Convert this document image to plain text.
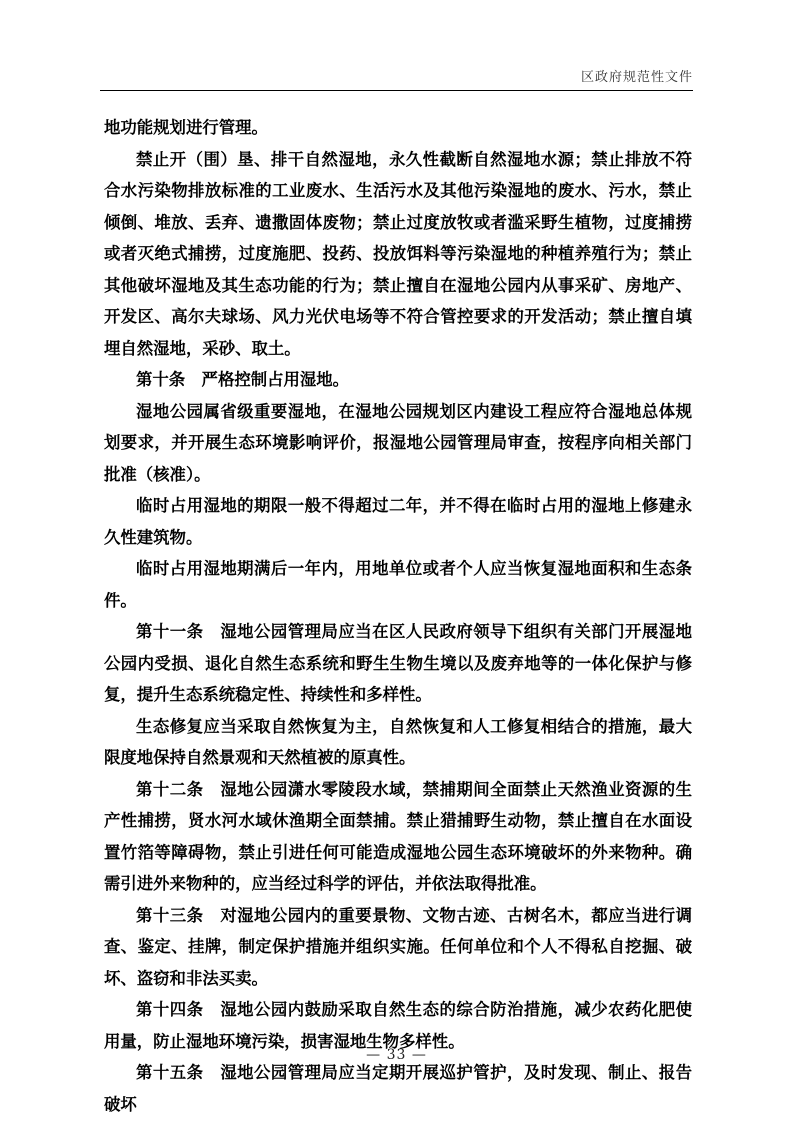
区政府规范性文件

地功能规划进行管理。

禁止开（围）垦、排干自然湿地，永久性截断自然湿地水源；禁止排放不符合水污染物排放标准的工业废水、生活污水及其他污染湿地的废水、污水，禁止倾倒、堆放、丢弃、遗撒固体废物；禁止过度放牧或者滥采野生植物，过度捕捞或者灭绝式捕捞，过度施肥、投药、投放饵料等污染湿地的种植养殖行为；禁止其他破坏湿地及其生态功能的行为；禁止擅自在湿地公园内从事采矿、房地产、开发区、高尔夫球场、风力光伏电场等不符合管控要求的开发活动；禁止擅自填埋自然湿地，采砂、取土。

第十条　严格控制占用湿地。

湿地公园属省级重要湿地，在湿地公园规划区内建设工程应符合湿地总体规划要求，并开展生态环境影响评价，报湿地公园管理局审查，按程序向相关部门批准（核准）。

临时占用湿地的期限一般不得超过二年，并不得在临时占用的湿地上修建永久性建筑物。

临时占用湿地期满后一年内，用地单位或者个人应当恢复湿地面积和生态条件。

第十一条　湿地公园管理局应当在区人民政府领导下组织有关部门开展湿地公园内受损、退化自然生态系统和野生生物生境以及废弃地等的一体化保护与修复，提升生态系统稳定性、持续性和多样性。

生态修复应当采取自然恢复为主，自然恢复和人工修复相结合的措施，最大限度地保持自然景观和天然植被的原真性。

第十二条　湿地公园潇水零陵段水域，禁捕期间全面禁止天然渔业资源的生产性捕捞，贤水河水域休渔期全面禁捕。禁止猎捕野生动物，禁止擅自在水面设置竹箔等障碍物，禁止引进任何可能造成湿地公园生态环境破坏的外来物种。确需引进外来物种的，应当经过科学的评估，并依法取得批准。

第十三条　对湿地公园内的重要景物、文物古迹、古树名木，都应当进行调查、鉴定、挂牌，制定保护措施并组织实施。任何单位和个人不得私自挖掘、破坏、盗窃和非法买卖。

第十四条　湿地公园内鼓励采取自然生态的综合防治措施，减少农药化肥使用量，防止湿地环境污染，损害湿地生物多样性。

第十五条　湿地公园管理局应当定期开展巡护管护，及时发现、制止、报告破坏

— 33 —
